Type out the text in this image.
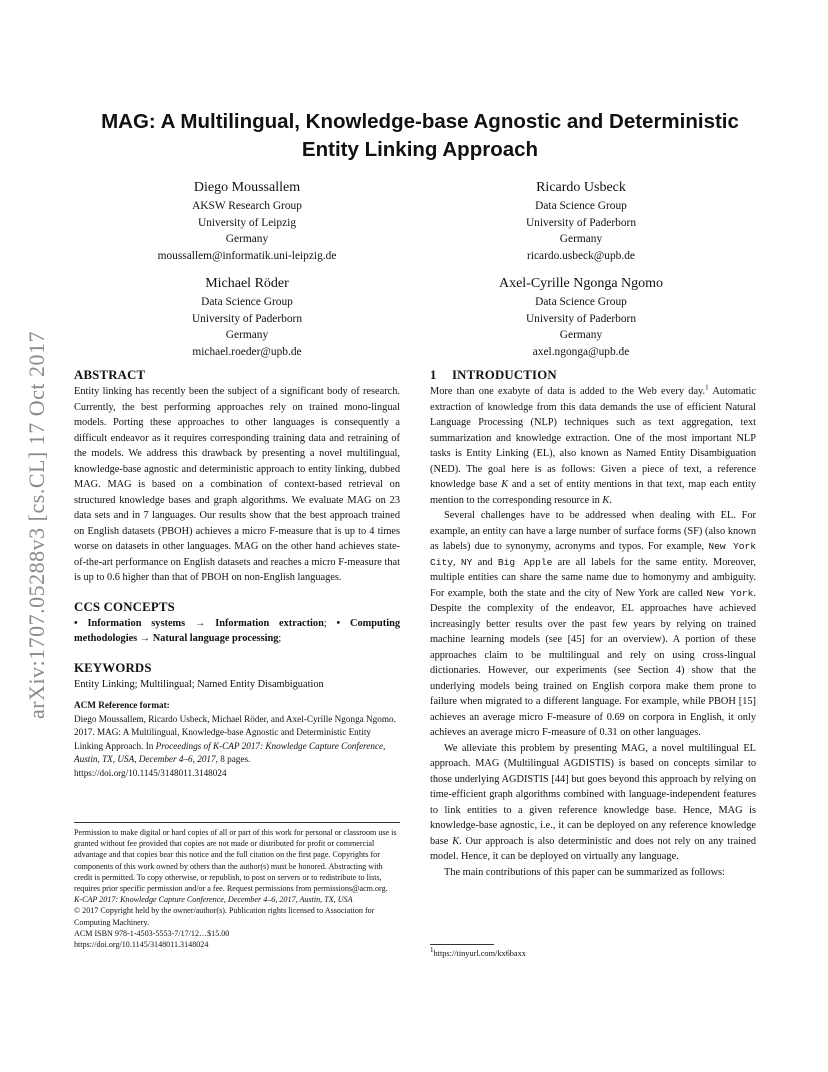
arXiv:1707.05288v3 [cs.CL] 17 Oct 2017
MAG: A Multilingual, Knowledge-base Agnostic and Deterministic Entity Linking Approach
Diego Moussallem
AKSW Research Group
University of Leipzig
Germany
moussallem@informatik.uni-leipzig.de
Ricardo Usbeck
Data Science Group
University of Paderborn
Germany
ricardo.usbeck@upb.de
Michael Röder
Data Science Group
University of Paderborn
Germany
michael.roeder@upb.de
Axel-Cyrille Ngonga Ngomo
Data Science Group
University of Paderborn
Germany
axel.ngonga@upb.de
ABSTRACT

Entity linking has recently been the subject of a significant body of research. Currently, the best performing approaches rely on trained mono-lingual models. Porting these approaches to other languages is consequently a difficult endeavor as it requires corresponding training data and retraining of the models. We address this drawback by presenting a novel multilingual, knowledge-base agnostic and deterministic approach to entity linking, dubbed MAG. MAG is based on a combination of context-based retrieval on structured knowledge bases and graph algorithms. We evaluate MAG on 23 data sets and in 7 languages. Our results show that the best approach trained on English datasets (PBOH) achieves a micro F-measure that is up to 4 times worse on datasets in other languages. MAG on the other hand achieves state-of-the-art performance on English datasets and reaches a micro F-measure that is up to 0.6 higher than that of PBOH on non-English languages.

CCS CONCEPTS

• Information systems → Information extraction; • Computing methodologies → Natural language processing;

KEYWORDS

Entity Linking; Multilingual; Named Entity Disambiguation

ACM Reference format:
Diego Moussallem, Ricardo Usbeck, Michael Röder, and Axel-Cyrille Ngonga Ngomo. 2017. MAG: A Multilingual, Knowledge-base Agnostic and Deterministic Entity Linking Approach. In Proceedings of K-CAP 2017: Knowledge Capture Conference, Austin, TX, USA, December 4–6, 2017, 8 pages.
https://doi.org/10.1145/3148011.3148024
Permission to make digital or hard copies of all or part of this work for personal or classroom use is granted without fee provided that copies are not made or distributed for profit or commercial advantage and that copies bear this notice and the full citation on the first page. Copyrights for components of this work owned by others than the author(s) must be honored. Abstracting with credit is permitted. To copy otherwise, or republish, to post on servers or to redistribute to lists, requires prior specific permission and/or a fee. Request permissions from permissions@acm.org.
K-CAP 2017: Knowledge Capture Conference, December 4–6, 2017, Austin, TX, USA
© 2017 Copyright held by the owner/author(s). Publication rights licensed to Association for Computing Machinery.
ACM ISBN 978-1-4503-5553-7/17/12…$15.00
https://doi.org/10.1145/3148011.3148024
1 INTRODUCTION

More than one exabyte of data is added to the Web every day.$^1$ Automatic extraction of knowledge from this data demands the use of efficient Natural Language Processing (NLP) techniques such as text aggregation, text summarization and knowledge extraction. One of the most important NLP tasks is Entity Linking (EL), also known as Named Entity Disambiguation (NED). The goal here is as follows: Given a piece of text, a reference knowledge base K and a set of entity mentions in that text, map each entity mention to the corresponding resource in K.

Several challenges have to be addressed when dealing with EL. For example, an entity can have a large number of surface forms (SF) (also known as labels) due to synonymy, acronyms and typos. For example, New York City, NY and Big Apple are all labels for the same entity. Moreover, multiple entities can share the same name due to homonymy and ambiguity. For example, both the state and the city of New York are called New York. Despite the complexity of the endeavor, EL approaches have achieved increasingly better results over the past few years by relying on trained machine learning models (see [45] for an overview). A portion of these approaches claim to be multilingual and rely on using cross-lingual dictionaries. However, our experiments (see Section 4) show that the underlying models being trained on English corpora make them prone to failure when migrated to a different language. For example, while PBOH [15] achieves an average micro F-measure of 0.69 on corpora in English, it only achieves an average micro F-measure of 0.31 on other languages.

We alleviate this problem by presenting MAG, a novel multilingual EL approach. MAG (Multilingual AGDISTIS) is based on concepts similar to those underlying AGDISTIS [44] but goes beyond this approach by relying on time-efficient graph algorithms combined with language-independent features to link entities to a given reference knowledge base. Hence, MAG is knowledge-base agnostic, i.e., it can be deployed on any reference knowledge base K. Our approach is also deterministic and does not rely on any trained model. Hence, it can be deployed on virtually any language.

The main contributions of this paper can be summarized as follows:

$^1$https://tinyurl.com/kx6baxx
